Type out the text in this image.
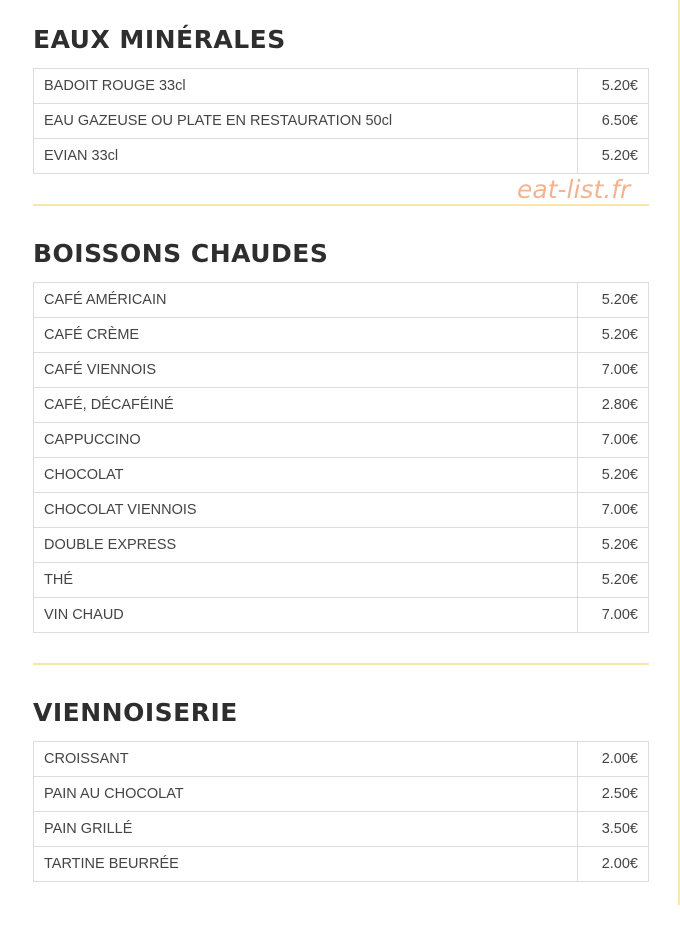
EAUX MINÉRALES
BADOIT ROUGE 33cl	5.20€
EAU GAZEUSE OU PLATE EN RESTAURATION 50cl	6.50€
EVIAN 33cl	5.20€
eat-list.fr
BOISSONS CHAUDES
CAFÉ AMÉRICAIN	5.20€
CAFÉ CRÈME	5.20€
CAFÉ VIENNOIS	7.00€
CAFÉ, DÉCAFÉINÉ	2.80€
CAPPUCCINO	7.00€
CHOCOLAT	5.20€
CHOCOLAT VIENNOIS	7.00€
DOUBLE EXPRESS	5.20€
THÉ	5.20€
VIN CHAUD	7.00€
VIENNOISERIE
CROISSANT	2.00€
PAIN AU CHOCOLAT	2.50€
PAIN GRILLÉ	3.50€
TARTINE BEURRÉE	2.00€
